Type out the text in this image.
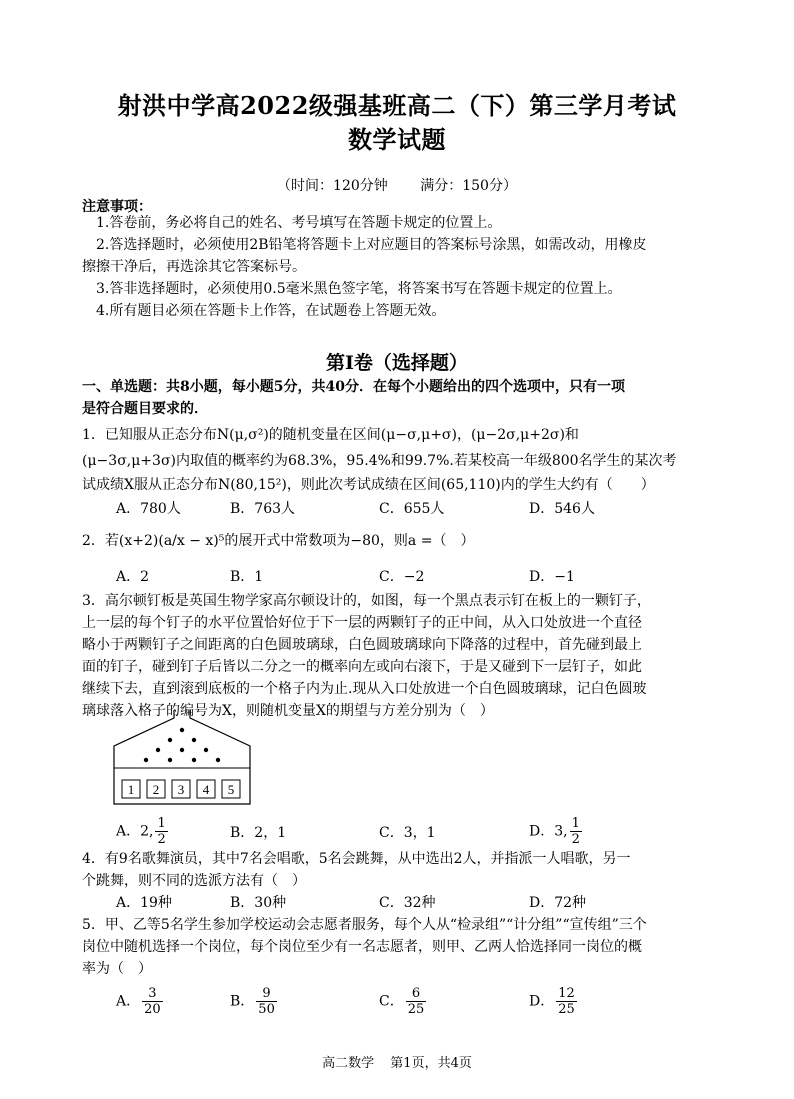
射洪中学高2022级强基班高二（下）第三学月考试
数学试题
（时间：120分钟 满分：150分）
注意事项：
1.答卷前，务必将自己的姓名、考号填写在答题卡规定的位置上。
2.答选择题时，必须使用2B铅笔将答题卡上对应题目的答案标号涂黑，如需改动，用橡皮
擦擦干净后，再选涂其它答案标号。
3.答非选择题时，必须使用0.5毫米黑色签字笔，将答案书写在答题卡规定的位置上。
4.所有题目必须在答题卡上作答，在试题卷上答题无效。
第Ⅰ卷（选择题）
一、单选题：共8小题，每小题5分，共40分．在每个小题给出的四个选项中，只有一项
是符合题目要求的．
1．已知服从正态分布N(μ,σ²)的随机变量在区间(μ−σ,μ+σ)，(μ−2σ,μ+2σ)和
(μ−3σ,μ+3σ)内取值的概率约为68.3%，95.4%和99.7%.若某校高一年级800名学生的某次考
试成绩X服从正态分布N(80,15²)，则此次考试成绩在区间(65,110)内的学生大约有（　　）
A．780人	B．763人	C．655人	D．546人
2．若(x+2)(a/x − x)⁵的展开式中常数项为−80，则a =（　）
A．2	B．1	C．−2	D．−1
3．高尔顿钉板是英国生物学家高尔顿设计的，如图，每一个黑点表示钉在板上的一颗钉子，
上一层的每个钉子的水平位置恰好位于下一层的两颗钉子的正中间，从入口处放进一个直径
略小于两颗钉子之间距离的白色圆玻璃球，白色圆玻璃球向下降落的过程中，首先碰到最上
面的钉子，碰到钉子后皆以二分之一的概率向左或向右滚下，于是又碰到下一层钉子，如此
继续下去，直到滚到底板的一个格子内为止.现从入口处放进一个白色圆玻璃球，记白色圆玻
璃球落入格子的编号为X，则随机变量X的期望与方差分别为（　）
1 2 3 4 5
A．2, $\frac{1}{2}$	B．2，1	C．3，1	D．3, $\frac{1}{2}$
4．有9名歌舞演员，其中7名会唱歌，5名会跳舞，从中选出2人，并指派一人唱歌，另一
个跳舞，则不同的选派方法有（　）
A．19种	B．30种	C．32种	D．72种
5．甲、乙等5名学生参加学校运动会志愿者服务，每个人从“检录组”“计分组”“宣传组”三个
岗位中随机选择一个岗位，每个岗位至少有一名志愿者，则甲、乙两人恰选择同一岗位的概
率为（　）
A． $\frac{3}{20}$	B． $\frac{9}{50}$	C． $\frac{6}{25}$	D． $\frac{12}{25}$
高二数学 第1页，共4页
